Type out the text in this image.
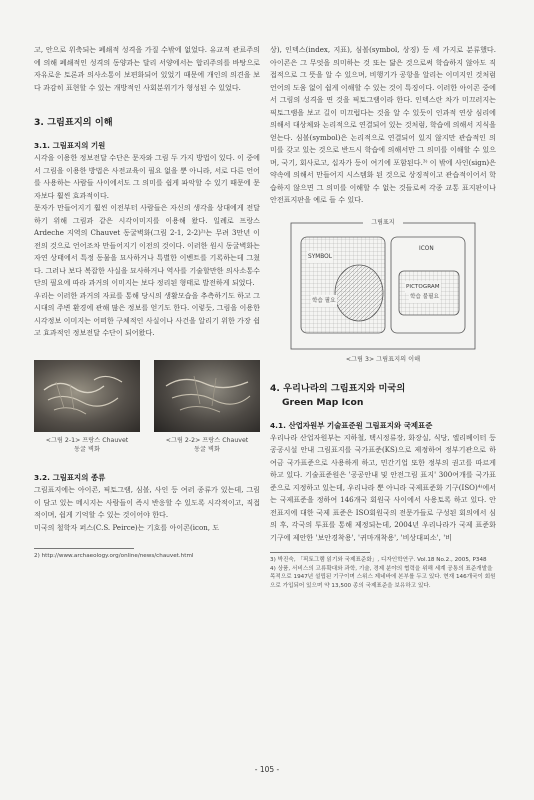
고, 안으로 위축되는 폐쇄적 성격을 가질 수밖에 없었다. 유교적 관료주의에 의해 폐쇄적인 성격의 동양과는 달리 서양에서는 합리주의를 바탕으로 자유로운 토론과 의사소통이 보편화되어 있었기 때문에 개인의 의견을 보다 과감히 표현할 수 있는 개방적인 사회분위기가 형성된 수 있었다.

3. 그림표지의 이해
3.1. 그림표지의 기원

시각을 이용한 정보전달 수단은 문자와 그림 두 가지 방법이 있다. 이 중에서 그림을 이용한 방법은 사전교육이 필요 없을 뿐 아니라, 서로 다른 언어를 사용하는 사람들 사이에서도 그 의미를 쉽게 파악할 수 있기 때문에 문자보다 훨씬 효과적이다.

문자가 만들어지기 훨씬 이전부터 사람들은 자신의 생각을 상대에게 전달하기 위해 그림과 같은 시각이미지를 이용해 왔다. 일례로 프랑스 Ardeche 지역의 Chauvet 동굴벽화(그림 2-1, 2-2)²⁾는 무려 3만년 이전의 것으로 언어조차 만들어지기 이전의 것이다. 이러한 원시 동굴벽화는 자연 상태에서 특정 동물을 묘사하거나 특별한 이벤트를 기록하는데 그쳤다. 그러나 보다 복잡한 사실을 묘사하거나 역사를 기술할만한 의사소통수단의 필요에 따라 과거의 이미지는 보다 정리된 형태로 발전하게 되었다.

우리는 이러한 과거의 자료를 통해 당시의 생활모습을 추측하기도 하고 그 시대의 주변 환경에 관해 많은 정보를 얻기도 한다. 이렇듯, 그림을 이용한 시각정보 이미지는 어떠한 구체적인 사실이나 사건을 알리기 위한 가장 쉽고 효과적인 정보전달 수단이 되어왔다.

<그림 2-1> 프랑스 Chauvet
동굴 벽화
<그림 2-2> 프랑스 Chauvet
동굴 벽화
3.2. 그림표지의 종류

그림표지에는 아이콘, 픽토그램, 심볼, 사인 등 여러 종류가 있는데, 그림이 담고 있는 메시지는 사람들이 즉시 반응할 수 있도록 시각적이고, 직접적이며, 쉽게 기억할 수 있는 것이어야 한다.

미국의 철학자 퍼스(C.S. Peirce)는 기호를 아이콘(icon, 도

2) http://www.archaeology.org/online/news/chauvet.html

상), 인덱스(index, 지표), 심볼(symbol, 상징) 등 세 가지로 분류했다. 아이콘은 그 무엇을 의미하는 것 또는 닮은 것으로써 학습하지 않아도 직접적으로 그 뜻을 알 수 있으며, 비행기가 공항을 알리는 이미지인 것처럼 언어의 도움 없이 쉽게 이해할 수 있는 것이 특징이다. 이러한 아이콘 중에서 그림의 성격을 띤 것을 픽토그램이라 한다. 인덱스란 차가 미끄러지는 픽토그램을 보고 길이 미끄럽다는 것을 알 수 있듯이 인과적 연상 심리에 의해서 대상체와 논리적으로 연결되어 있는 것처럼, 학습에 의해서 지식을 얻는다. 심볼(symbol)은 논리적으로 연결되어 있지 않지만 관습적인 의미를 갖고 있는 것으로 반드시 학습에 의해서만 그 의미를 이해할 수 있으며, 국기, 회사로고, 십자가 등이 여기에 포함된다.³⁾ 이 밖에 사인(sign)은 약속에 의해서 만들어지 시스템화 된 것으로 상징적이고 관습적이어서 학습하지 않으면 그 의미를 이해할 수 없는 것들로써 각종 교통 표지판이나 안전표지판을 예로 들 수 있다.

그림표지
SYMBOL
학습 필요
ICON
PICTOGRAM
학습 불필요
<그림 3> 그림표지의 이해
4. 우리나라의 그림표지와 미국의
Green Map Icon
4.1. 산업자원부 기술표준원 그림표지와 국제표준

우리나라 산업자원부는 지하철, 택시정류장, 화장실, 식당, 엘리베이터 등 공공시설 안내 그림표지를 국가표준(KS)으로 제정하여 정부기관으로 하여금 국가표준으로 사용하게 하고, 민간기업 또한 정부의 권고를 따르게 하고 있다. 기술표준원은 '공공안내 및 안전그림 표지' 300여개를 국가표준으로 지정하고 있는데, 우리나라 뿐 아니라 국제표준화 기구(ISO)⁴⁾에서는 국제표준을 정하여 146개국 회원국 사이에서 사용토록 하고 있다. 안전표지에 대한 국제 표준은 ISO회원국의 전문가들로 구성된 회의에서 심의 후, 각국의 투표를 통해 제정되는데, 2004년 우리나라가 국제 표준화기구에 제안한 '보안경착용', '귀마개착용', '비상대피소', '비

3) 박진숙, 「픽토그램 읽기와 국제표준화」, 디자인학연구. Vol.18 No.2., 2005, P348
4) 상품, 서비스의 고류확대와 과학, 기술, 경제 분야의 협력을 위해 세계 공통의 표준개발을 목적으로 1947년 설립된 기구이며 스위스 제네바에 본부를 두고 있다. 현재 146개국이 회원으로 가입되어 있으며 약 13,500 종의 국제표준을 보유하고 있다.
- 105 -
